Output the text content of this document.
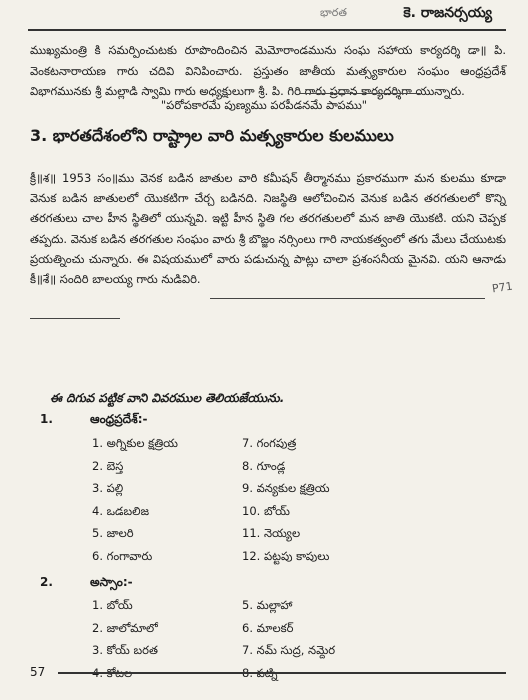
భారత	కె. రాజనర్సయ్య

ముఖ్యమంత్రి కి సమర్పించుటకు రూపొందించిన మెమోరాండమును సంఘ సహాయ కార్యదర్శి డా॥ పి. వెంకటనారాయణ గారు చదివి వినిపించారు. ప్రస్తుతం జాతీయ మత్స్యకారుల సంఘం ఆంధ్రప్రదేశ్ విభాగమునకు శ్రీ మల్లాడి స్వామి గారు అధ్యక్షులుగా శ్రీ. పి. గిరి గారు ప్రధాన కార్యదర్శిగా యున్నారు.

"పరోపకారమే పుణ్యము పరపీడనమే పాపము"
3. భారతదేశంలోని రాష్ట్రాల వారి మత్స్యకారుల కులములు

క్రీ॥శ॥ 1953 సం॥ము వెనక బడిన జాతుల వారి కమీషన్ తీర్మానము ప్రకారముగా మన కులము కూడా వెనుక బడిన జాతులలో యొకటిగా చేర్చ బడినది. నిజస్థితి ఆలోచించిన వెనుక బడిన తరగతులలో కొన్ని తరగతులు చాల హీన స్థితిలో యున్నవి. ఇట్టి హీన స్థితి గల తరగతులలో మన జాతి యొకటి. యని చెప్పక తప్పదు. వెనుక బడిన తరగతుల సంఘం వారు శ్రీ బొజ్జం నర్సింలు గారి నాయకత్వంలో తగు మేలు చేయుటకు ప్రయత్నించు చున్నారు. ఈ విషయములో వారు పడుచున్న పాట్లు చాలా ప్రశంసనీయ మైనవి. యని ఆనాడు కీ॥శే॥ సందిరి బాలయ్య గారు నుడివిరి.

P71
ఈ దిగువ పట్టిక వాని వివరముల తెలియజేయును.
1.	ఆంధ్రప్రదేశ్:-
1. అగ్నికుల క్షత్రియ	7. గంగపుత్ర
2. బెస్త	8. గూండ్ల
3. పల్లి	9. వన్యకుల క్షత్రియ
4. ఒడబలిజ	10. బోయ్
5. జాలరి	11. నెయ్యల
6. గంగావారు	12. పట్టపు కాపులు
2.	అస్సాం:-
1. బోయ్	5. మల్లాహా
2. జాలోమాలో	6. మాలకర్
3. కోయ్ బరత	7. నమ్ సుద్ర, నమ్దెర
4. కోటల	8. పట్ని
57
